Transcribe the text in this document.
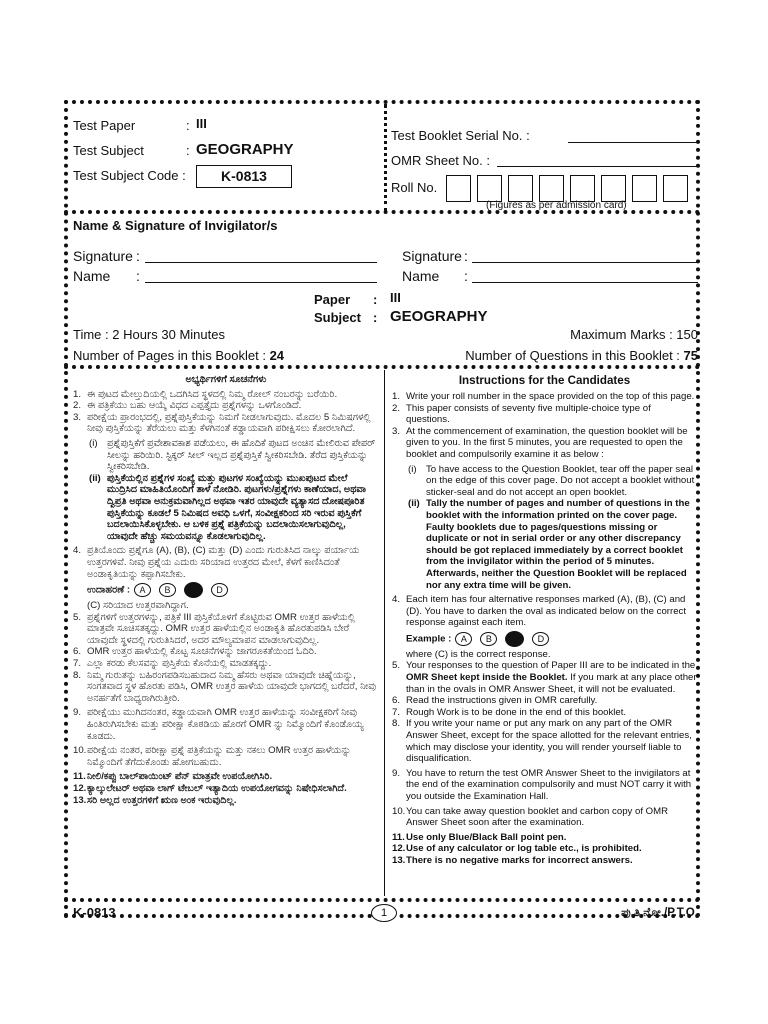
Test Paper	: III
Test Subject	: GEOGRAPHY
Test Subject Code :	K-0813
Test Booklet Serial No. :
OMR Sheet No. :
Roll No.
(Figures as per admission card)
Name & Signature of Invigilator/s
Signature :
Name :
Signature :
Name :
Paper : III
Subject : GEOGRAPHY
Time : 2 Hours 30 Minutes	Maximum Marks : 150
Number of Pages in this Booklet : 24	Number of Questions in this Booklet : 75
ಅಭ್ಯರ್ಥಿಗಳಿಗೆ ಸೂಚನೆಗಳು
1. ಈ ಪುಟದ ಮೇಲ್ತುದಿಯಲ್ಲಿ ಒದಗಿಸಿದ ಸ್ಥಳದಲ್ಲಿ ನಿಮ್ಮ ರೋಲ್ ನಂಬರನ್ನು ಬರೆಯಿರಿ.
2. ಈ ಪತ್ರಿಕೆಯು ಬಹು ಆಯ್ಕೆ ವಿಧದ ಎಪ್ಪತ್ತೈದು ಪ್ರಶ್ನೆಗಳನ್ನು ಒಳಗೊಂಡಿದೆ.
3. ಪರೀಕ್ಷೆಯ ಪ್ರಾರಂಭದಲ್ಲಿ, ಪ್ರಶ್ನೆಪುಸ್ತಿಕೆಯನ್ನು ನಿಮಗೆ ನೀಡಲಾಗುವುದು. ಮೊದಲ 5 ನಿಮಿಷಗಳಲ್ಲಿ ನೀವು ಪುಸ್ತಿಕೆಯನ್ನು ತೆರೆಯಲು ಮತ್ತು ಕೆಳಗಿನಂತೆ ಕಡ್ಡಾಯವಾಗಿ ಪರೀಕ್ಷಿಸಲು ಕೋರಲಾಗಿದೆ.
(i) ಪ್ರಶ್ನೆಪುಸ್ತಿಕೆಗೆ ಪ್ರವೇಶಾವಕಾಶ ಪಡೆಯಲು, ಈ ಹೊದಿಕೆ ಪುಟದ ಅಂಚಿನ ಮೇಲಿರುವ ಪೇಪರ್ ಸೀಲನ್ನು ಹರಿಯಿರಿ. ಸ್ಟಿಕ್ಕರ್ ಸೀಲ್ ಇಲ್ಲದ ಪ್ರಶ್ನೆಪುಸ್ತಿಕೆ ಸ್ವೀಕರಿಸಬೇಡಿ. ತೆರೆದ ಪುಸ್ತಿಕೆಯನ್ನು ಸ್ವೀಕರಿಸಬೇಡಿ.
(ii) ಪುಸ್ತಿಕೆಯಲ್ಲಿನ ಪ್ರಶ್ನೆಗಳ ಸಂಖ್ಯೆ ಮತ್ತು ಪುಟಗಳ ಸಂಖ್ಯೆಯನ್ನು ಮುಖಪುಟದ ಮೇಲೆ ಮುದ್ರಿಸಿದ ಮಾಹಿತಿಯೊಂದಿಗೆ ತಾಳೆ ನೋಡಿರಿ. ಪುಟಗಳು/ಪ್ರಶ್ನೆಗಳು ಕಾಣೆಯಾದ, ಅಥವಾ ದ್ವಿಪ್ರತಿ ಅಥವಾ ಅನುಕ್ರಮವಾಗಿಲ್ಲದ ಅಥವಾ ಇತರ ಯಾವುದೇ ವ್ಯತ್ಯಾಸದ ದೋಷಪೂರಿತ ಪುಸ್ತಿಕೆಯನ್ನು ಕೂಡಲೆ 5 ನಿಮಿಷದ ಅವಧಿ ಒಳಗೆ, ಸಂವೀಕ್ಷಕರಿಂದ ಸರಿ ಇರುವ ಪುಸ್ತಿಕೆಗೆ ಬದಲಾಯಿಸಿಕೊಳ್ಳಬೇಕು. ಆ ಬಳಿಕ ಪ್ರಶ್ನೆ ಪತ್ರಿಕೆಯನ್ನು ಬದಲಾಯಿಸಲಾಗುವುದಿಲ್ಲ, ಯಾವುದೇ ಹೆಚ್ಚು ಸಮಯವನ್ನೂ ಕೊಡಲಾಗುವುದಿಲ್ಲ.
4. ಪ್ರತಿಯೊಂದು ಪ್ರಶ್ನೆಗೂ (A), (B), (C) ಮತ್ತು (D) ಎಂದು ಗುರುತಿಸಿದ ನಾಲ್ಕು ಪರ್ಯಾಯ ಉತ್ತರಗಳಿವೆ. ನೀವು ಪ್ರಶ್ನೆಯ ಎದುರು ಸರಿಯಾದ ಉತ್ತರದ ಮೇಲೆ, ಕೆಳಗೆ ಕಾಣಿಸಿದಂತೆ ಅಂಡಾಕೃತಿಯನ್ನು ಕಪ್ಪಾಗಿಸಬೇಕು.
ಉದಾಹರಣೆ : A B	D
(C) ಸರಿಯಾದ ಉತ್ತರವಾಗಿದ್ದಾಗ.
5. ಪ್ರಶ್ನೆಗಳಿಗೆ ಉತ್ತರಗಳನ್ನು, ಪತ್ರಿಕೆ III ಪುಸ್ತಿಕೆಯೊಳಗೆ ಕೊಟ್ಟಿರುವ OMR ಉತ್ತರ ಹಾಳೆಯಲ್ಲಿ ಮಾತ್ರವೇ ಸೂಚಿಸತಕ್ಕದ್ದು. OMR ಉತ್ತರ ಹಾಳೆಯಲ್ಲಿನ ಅಂಡಾಕೃತಿ ಹೊರತುಪಡಿಸಿ ಬೇರೆ ಯಾವುದೇ ಸ್ಥಳದಲ್ಲಿ ಗುರುತಿಸಿದರೆ, ಅದರ ಮೌಲ್ಯಮಾಪನ ಮಾಡಲಾಗುವುದಿಲ್ಲ.
6. OMR ಉತ್ತರ ಹಾಳೆಯಲ್ಲಿ ಕೊಟ್ಟ ಸೂಚನೆಗಳನ್ನು ಜಾಗರೂಕತೆಯಿಂದ ಓದಿರಿ.
7. ಎಲ್ಲಾ ಕರಡು ಕೆಲಸವನ್ನು ಪುಸ್ತಿಕೆಯ ಕೊನೆಯಲ್ಲಿ ಮಾಡತಕ್ಕದ್ದು.
8. ನಿಮ್ಮ ಗುರುತನ್ನು ಬಹಿರಂಗಪಡಿಸಬಹುದಾದ ನಿಮ್ಮ ಹೆಸರು ಅಥವಾ ಯಾವುದೇ ಚಿಹ್ನೆಯನ್ನು, ಸಂಗತವಾದ ಸ್ಥಳ ಹೊರತು ಪಡಿಸಿ, OMR ಉತ್ತರ ಹಾಳೆಯ ಯಾವುದೇ ಭಾಗದಲ್ಲಿ ಬರೆದರೆ, ನೀವು ಅನರ್ಹತೆಗೆ ಬಾಧ್ಯರಾಗಿರುತ್ತೀರಿ.
9. ಪರೀಕ್ಷೆಯು ಮುಗಿದನಂತರ, ಕಡ್ಡಾಯವಾಗಿ OMR ಉತ್ತರ ಹಾಳೆಯನ್ನು ಸಂವೀಕ್ಷಕರಿಗೆ ನೀವು ಹಿಂತಿರುಗಿಸಬೇಕು ಮತ್ತು ಪರೀಕ್ಷಾ ಕೊಠಡಿಯ ಹೊರಗೆ OMR ನ್ನು ನಿಮ್ಮೊಂದಿಗೆ ಕೊಂಡೊಯ್ಯ ಕೂಡದು.
10. ಪರೀಕ್ಷೆಯ ನಂತರ, ಪರೀಕ್ಷಾ ಪ್ರಶ್ನೆ ಪತ್ರಿಕೆಯನ್ನು ಮತ್ತು ನಕಲು OMR ಉತ್ತರ ಹಾಳೆಯನ್ನು ನಿಮ್ಮೊಂದಿಗೆ ತೆಗೆದುಕೊಂಡು ಹೋಗಬಹುದು.
11. ನೀಲಿ/ಕಪ್ಪು ಬಾಲ್‌ಪಾಯಿಂಟ್ ಪೆನ್ ಮಾತ್ರವೇ ಉಪಯೋಗಿಸಿರಿ.
12. ಕ್ಯಾಲ್ಕುಲೇಟರ್ ಅಥವಾ ಲಾಗ್ ಟೇಬಲ್ ಇತ್ಯಾದಿಯ ಉಪಯೋಗವನ್ನು ನಿಷೇಧಿಸಲಾಗಿದೆ.
13. ಸರಿ ಅಲ್ಲದ ಉತ್ತರಗಳಿಗೆ ಋಣ ಅಂಕ ಇರುವುದಿಲ್ಲ.
Instructions for the Candidates
1. Write your roll number in the space provided on the top of this page.
2. This paper consists of seventy five multiple-choice type of questions.
3. At the commencement of examination, the question booklet will be given to you. In the first 5 minutes, you are requested to open the booklet and compulsorily examine it as below :
(i) To have access to the Question Booklet, tear off the paper seal on the edge of this cover page. Do not accept a booklet without sticker-seal and do not accept an open booklet.
(ii) Tally the number of pages and number of questions in the booklet with the information printed on the cover page. Faulty booklets due to pages/questions missing or duplicate or not in serial order or any other discrepancy should be got replaced immediately by a correct booklet from the invigilator within the period of 5 minutes. Afterwards, neither the Question Booklet will be replaced nor any extra time will be given.
4. Each item has four alternative responses marked (A), (B), (C) and (D). You have to darken the oval as indicated below on the correct response against each item.
Example : A B	D
where (C) is the correct response.
5. Your responses to the question of Paper III are to be indicated in the OMR Sheet kept inside the Booklet. If you mark at any place other than in the ovals in OMR Answer Sheet, it will not be evaluated.
6. Read the instructions given in OMR carefully.
7. Rough Work is to be done in the end of this booklet.
8. If you write your name or put any mark on any part of the OMR Answer Sheet, except for the space allotted for the relevant entries, which may disclose your identity, you will render yourself liable to disqualification.
9. You have to return the test OMR Answer Sheet to the invigilators at the end of the examination compulsorily and must NOT carry it with you outside the Examination Hall.
10. You can take away question booklet and carbon copy of OMR Answer Sheet soon after the examination.
11. Use only Blue/Black Ball point pen.
12. Use of any calculator or log table etc., is prohibited.
13. There is no negative marks for incorrect answers.
K-0813	1	ಪು.ತಿ.ನೋ./P.T.O.
